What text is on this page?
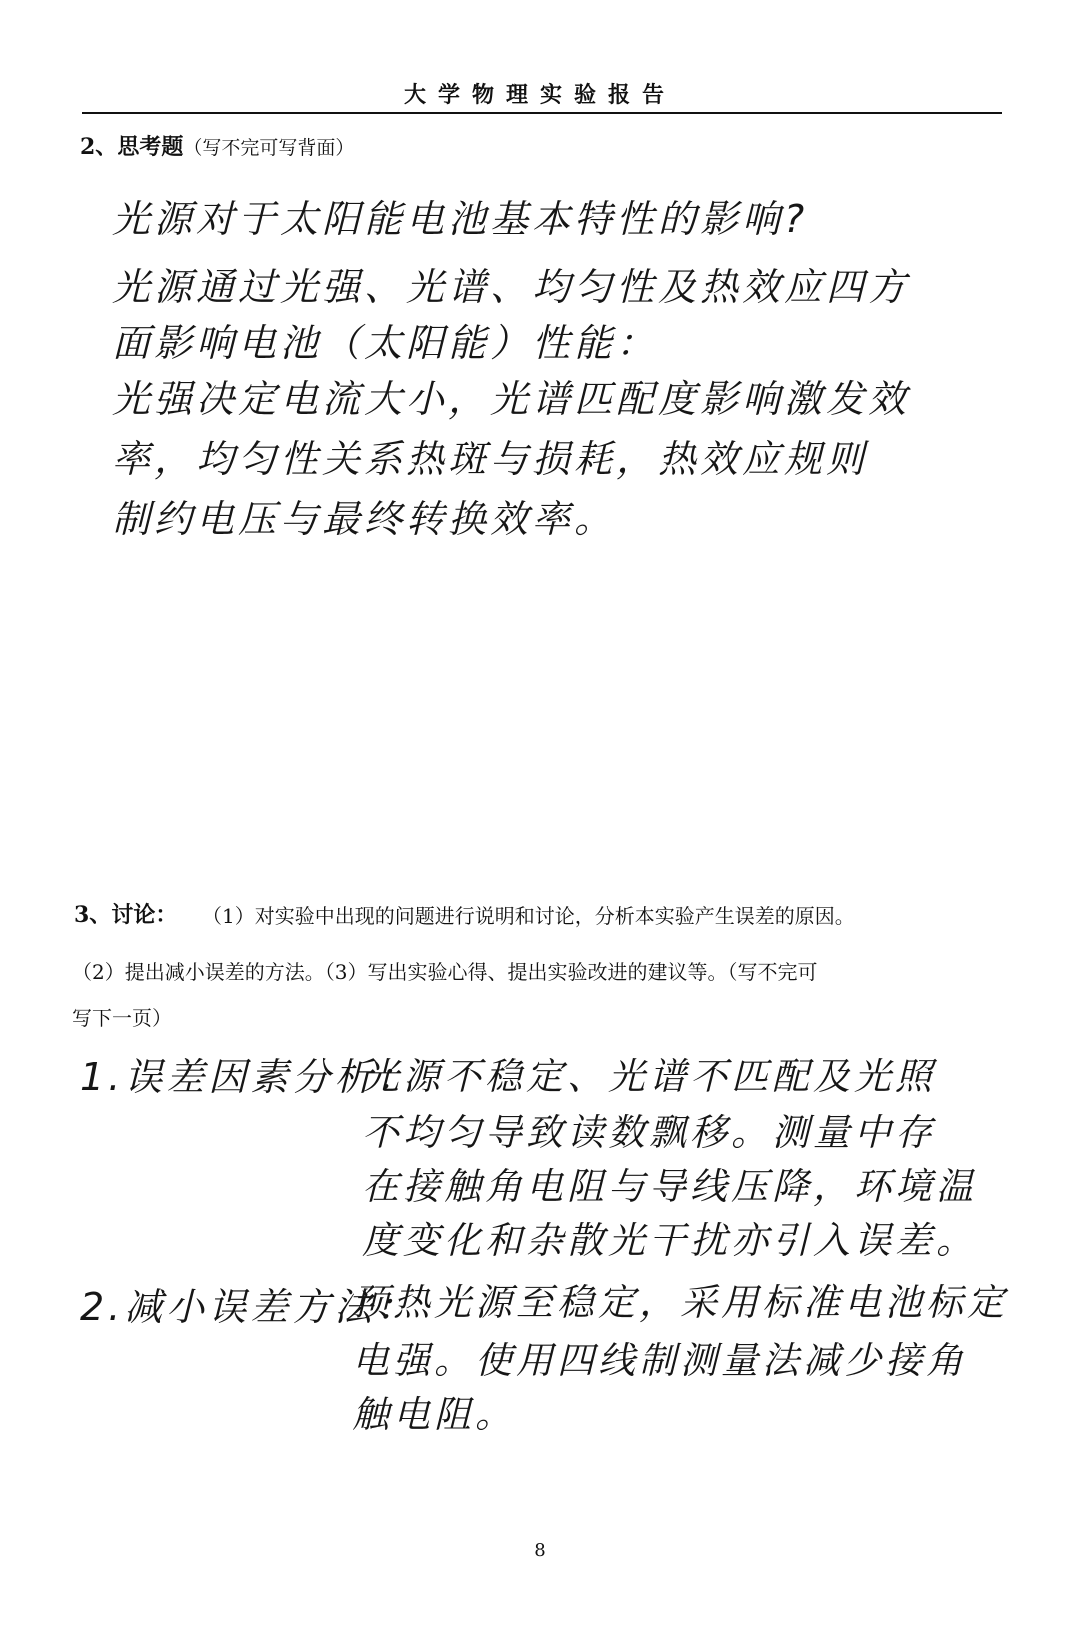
大学物理实验报告
2、思考题（写不完可写背面）
光源对于太阳能电池基本特性的影响?
光源通过光强、光谱、均匀性及热效应四方
面影响电池（太阳能）性能：
光强决定电流大小，光谱匹配度影响激发效
率，均匀性关系热斑与损耗，热效应规则
制约电压与最终转换效率。
3、讨论： （1）对实验中出现的问题进行说明和讨论，分析本实验产生误差的原因。
（2）提出减小误差的方法。（3）写出实验心得、提出实验改进的建议等。（写不完可
写下一页）
1.误差因素分析：
光源不稳定、光谱不匹配及光照
不均匀导致读数飘移。测量中存
在接触角电阻与导线压降，环境温
度变化和杂散光干扰亦引入误差。
2.减小误差方法：
预热光源至稳定，采用标准电池标定
电强。使用四线制测量法减少接角
触电阻。
8
